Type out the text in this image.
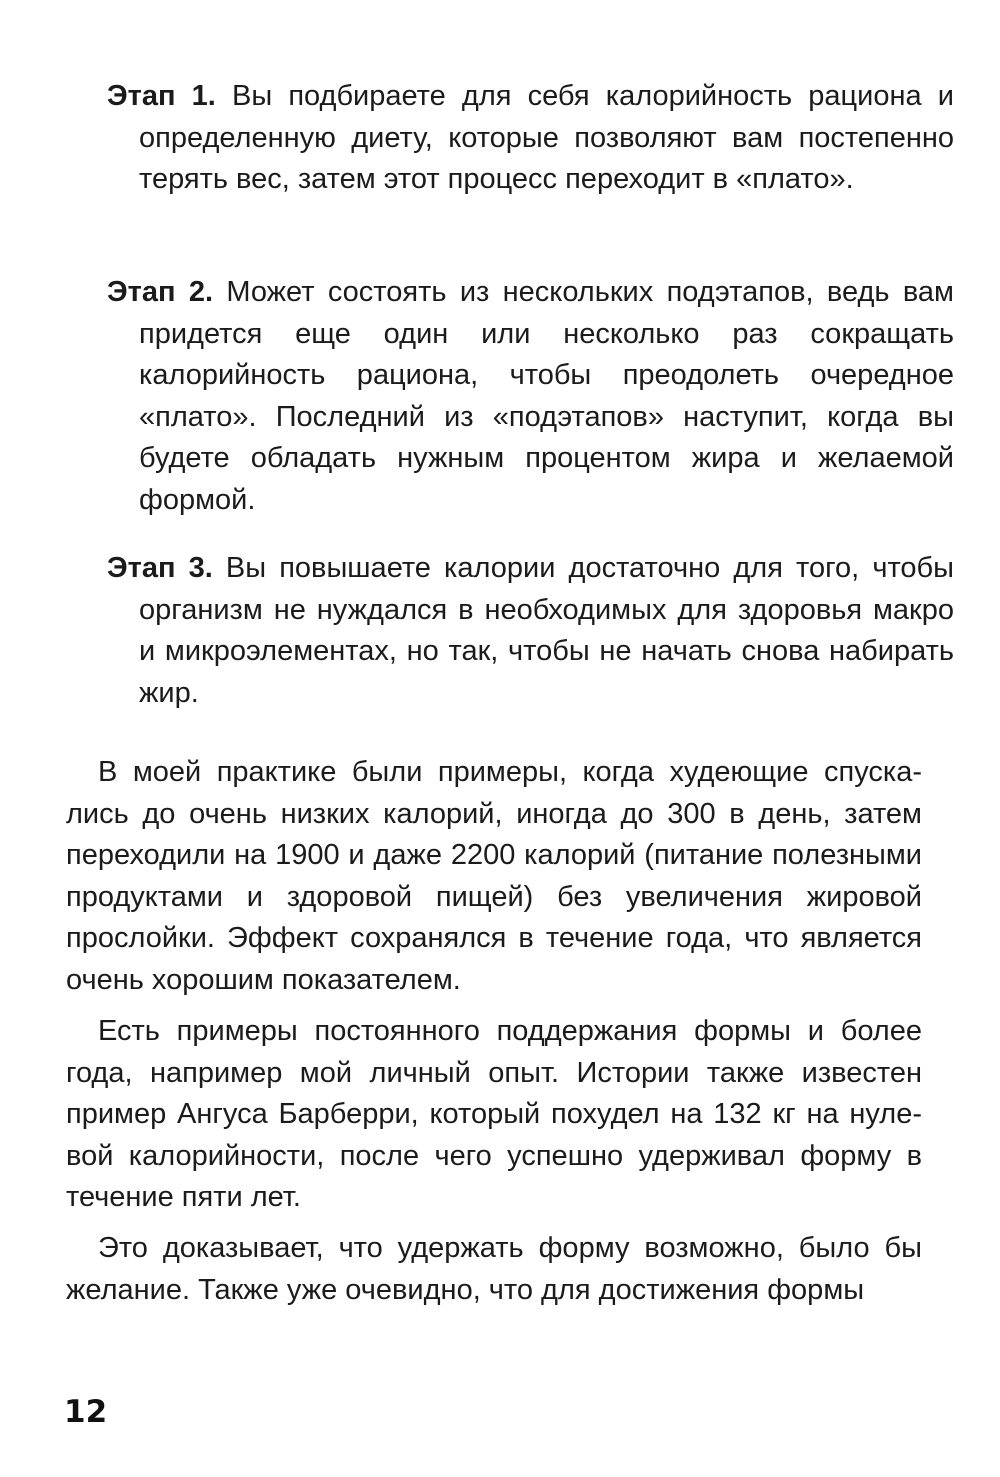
Этап 1. Вы подбираете для себя калорийность рациона и определенную диету, которые позволяют вам постепенно терять вес, затем этот процесс переходит в «плато».
Этап 2. Может состоять из нескольких подэтапов, ведь вам придется еще один или несколько раз сокращать калорийность рациона, чтобы преодолеть очередное «плато». Последний из «подэтапов» наступит, когда вы будете обладать нужным процентом жира и желаемой формой.
Этап 3. Вы повышаете калории достаточно для того, чтобы организм не нуждался в необходимых для здоровья макро и микроэлементах, но так, чтобы не начать снова набирать жир.

В моей практике были примеры, когда худеющие спускались до очень низких калорий, иногда до 300 в день, затем переходили на 1900 и даже 2200 калорий (питание полезными продуктами и здоровой пищей) без увеличения жировой прослойки. Эффект сохранялся в течение года, что является очень хорошим показателем.

Есть примеры постоянного поддержания формы и более года, например мой личный опыт. Истории также известен пример Ангуса Барберри, который похудел на 132 кг на нулевой калорийности, после чего успешно удерживал форму в течение пяти лет.

Это доказывает, что удержать форму возможно, было бы желание. Также уже очевидно, что для достижения формы

12
